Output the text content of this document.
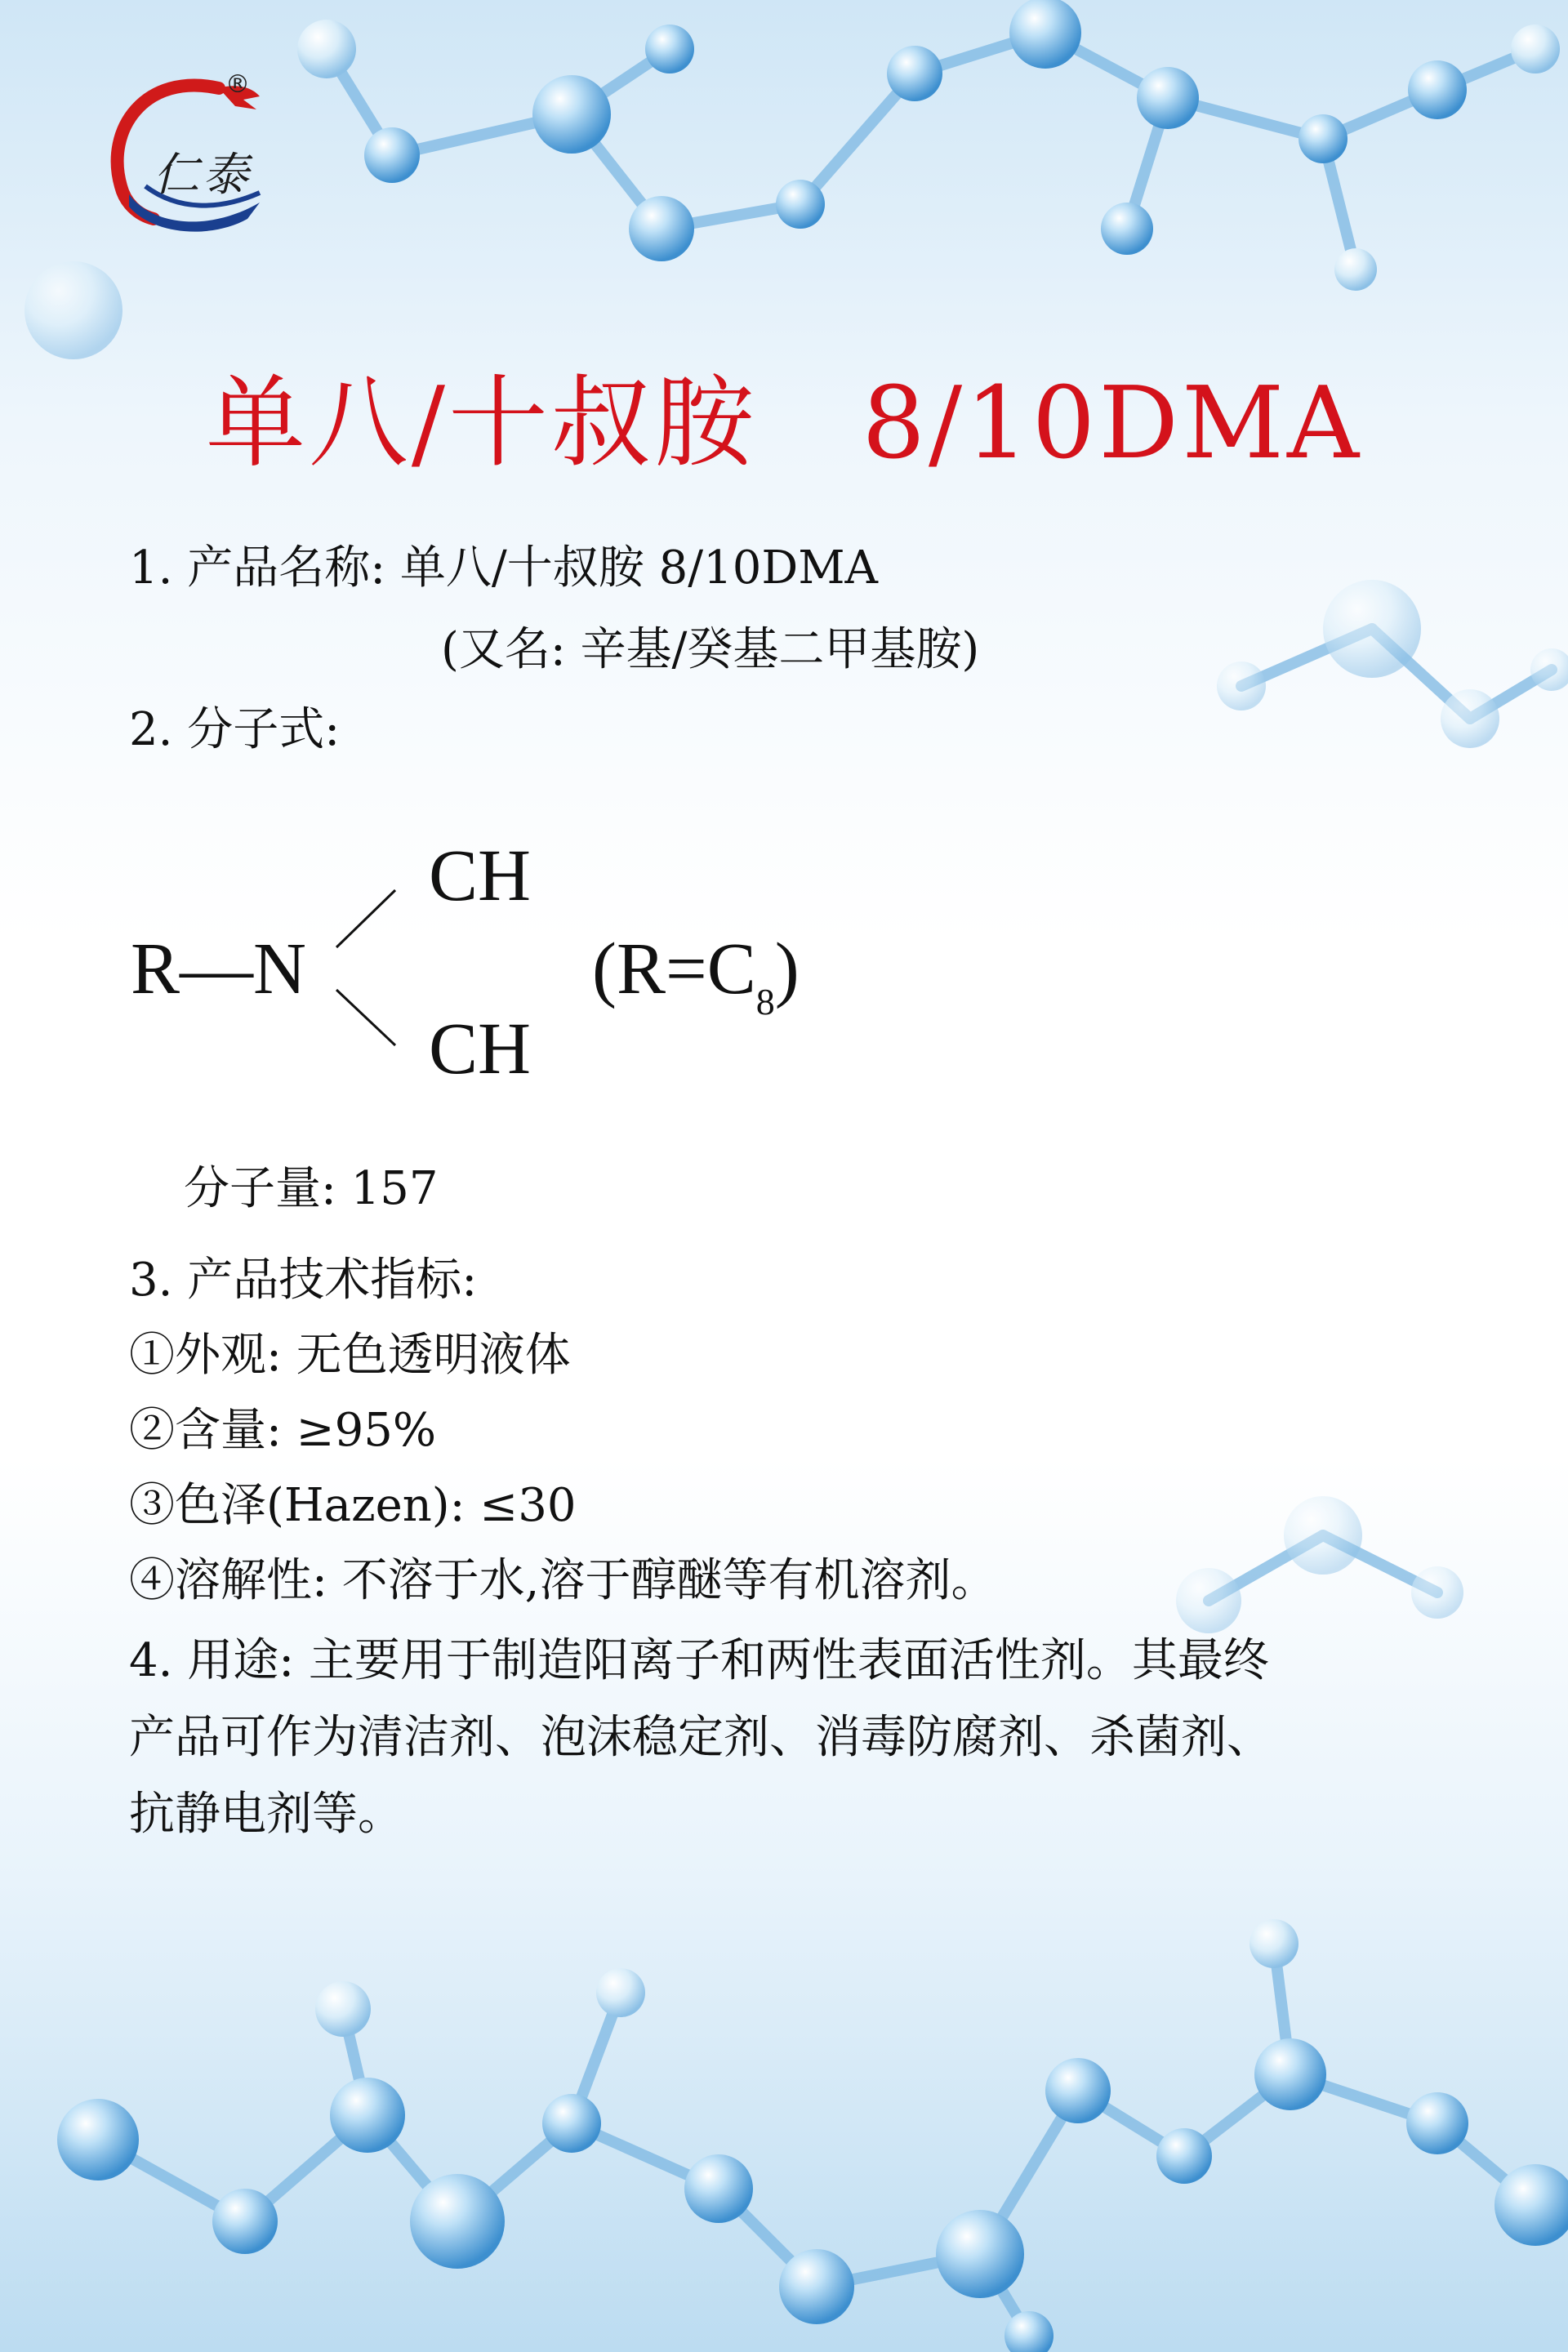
仁泰
®
单八/十叔胺   8/10DMA
1. 产品名称: 单八/十叔胺 8/10DMA
(又名: 辛基/癸基二甲基胺)
2. 分子式:
CH
R—N
CH
$(R=C_8)$
分子量: 157
3. 产品技术指标:
①外观: 无色透明液体
②含量: ≥95%
③色泽(Hazen): ≤30
④溶解性: 不溶于水,溶于醇醚等有机溶剂。
4. 用途: 主要用于制造阳离子和两性表面活性剂。其最终
产品可作为清洁剂、泡沫稳定剂、消毒防腐剂、杀菌剂、
抗静电剂等。
